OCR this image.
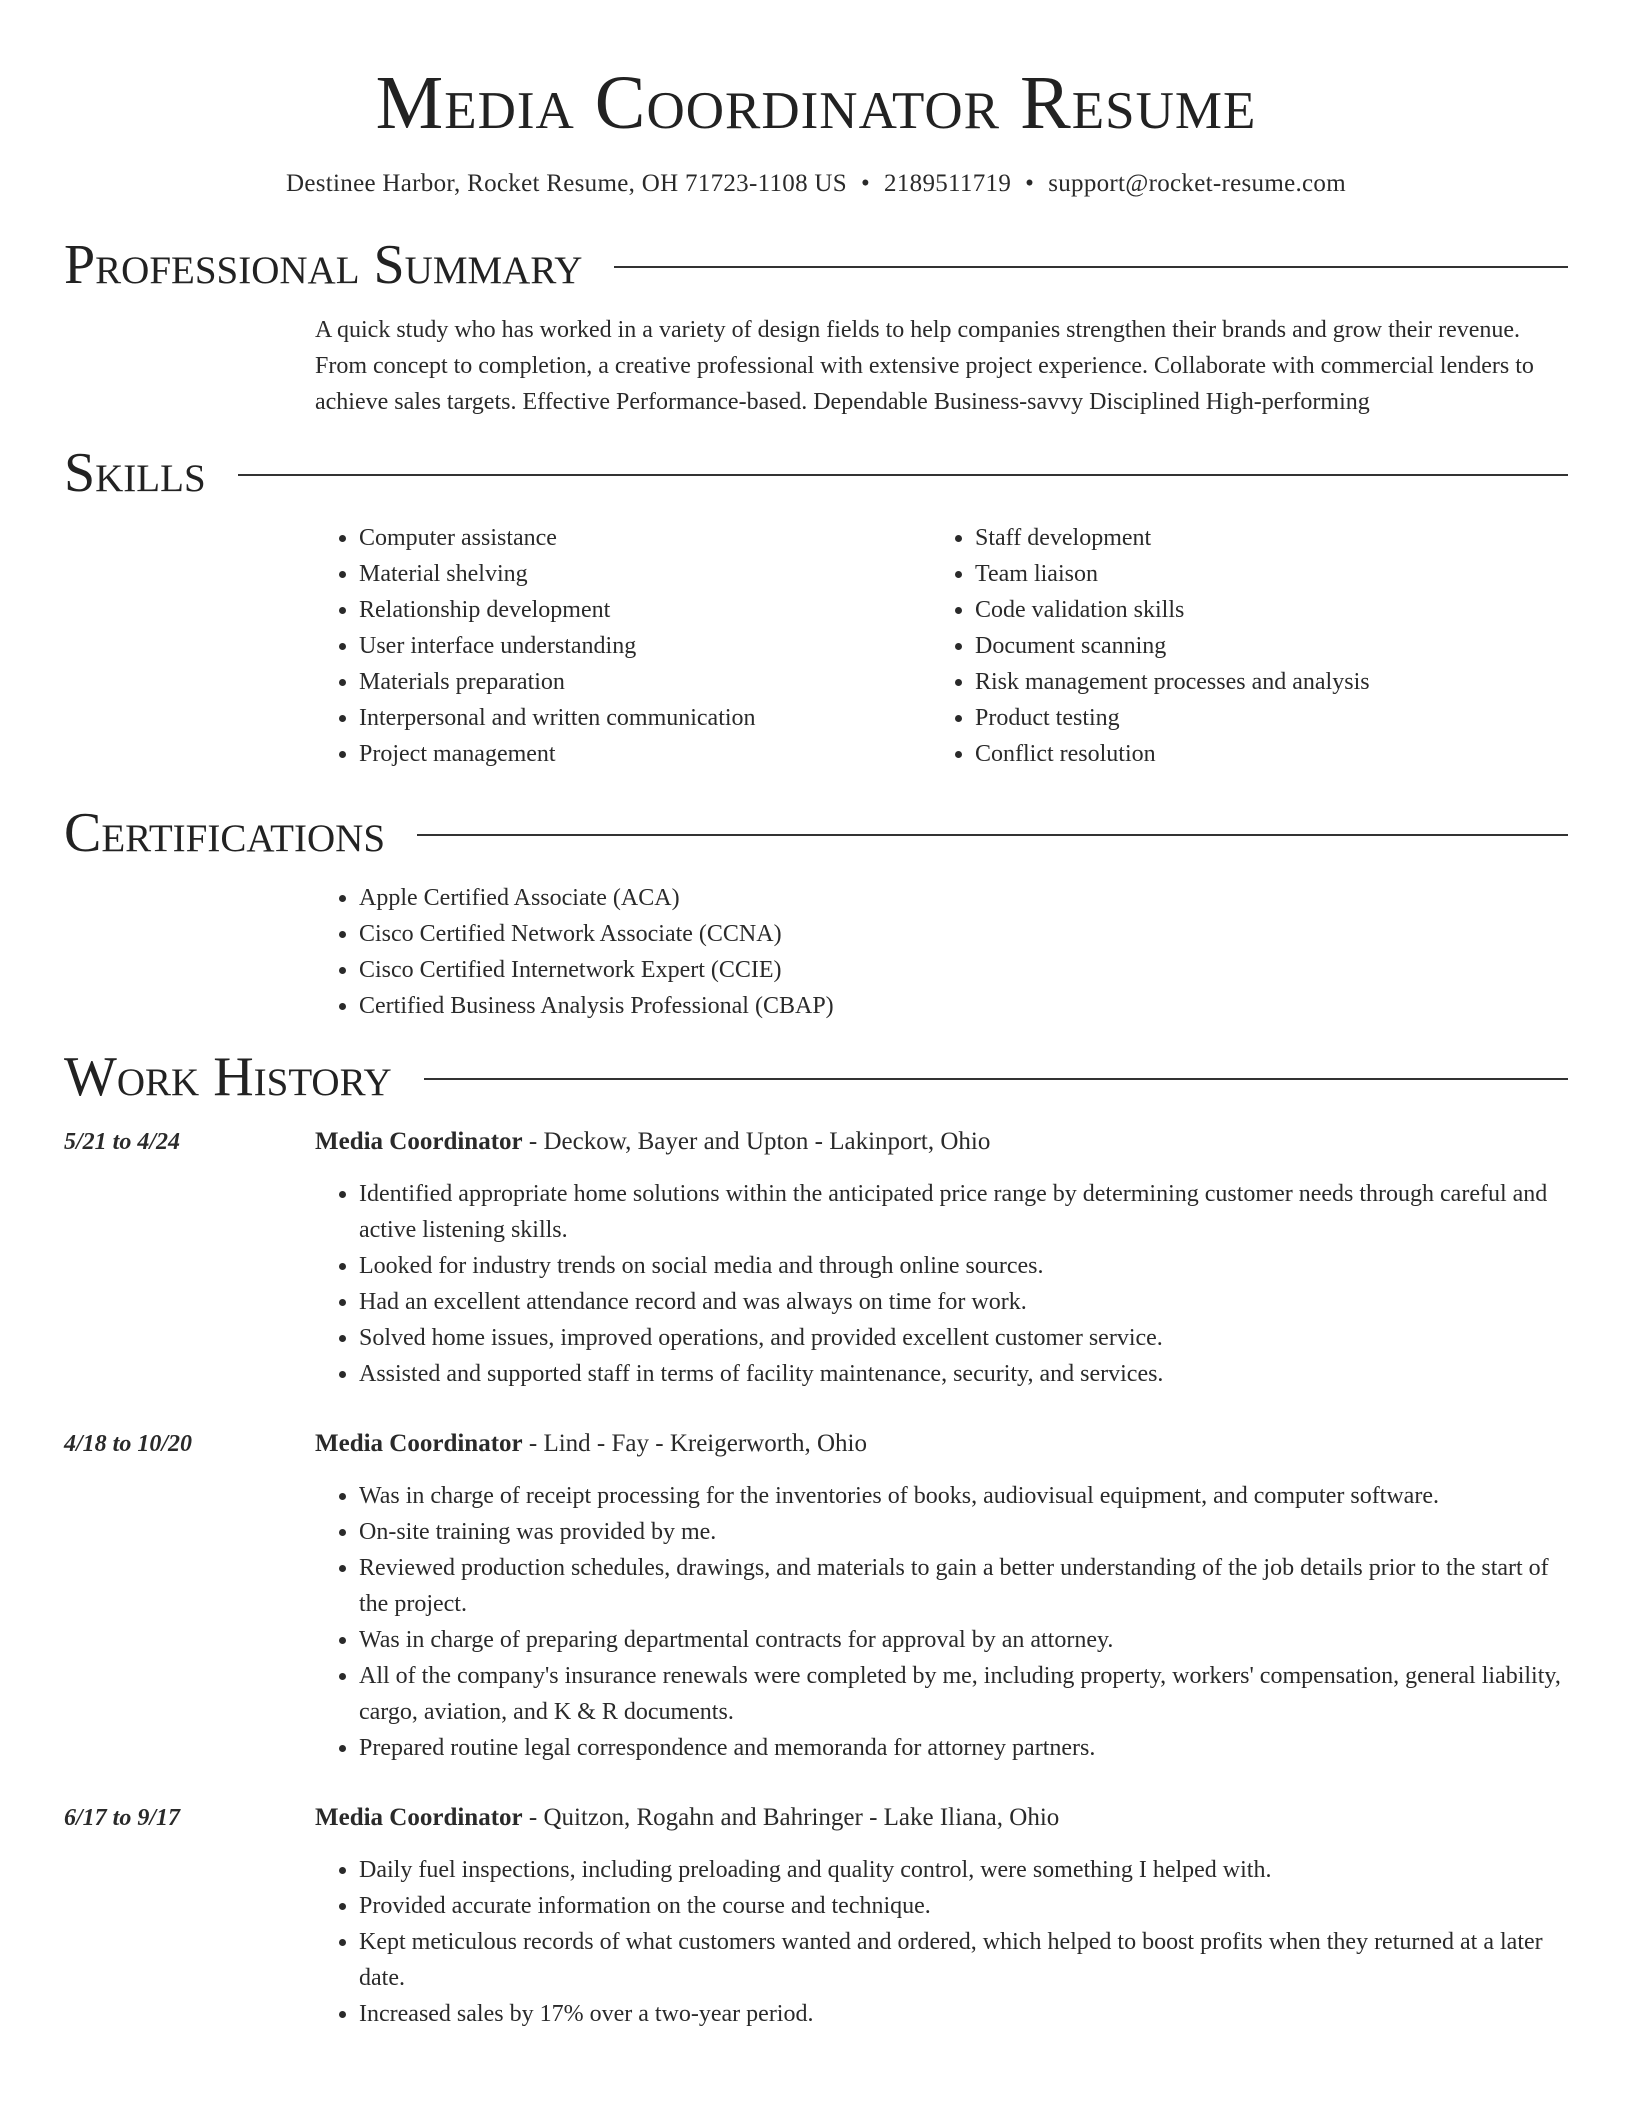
Media Coordinator Resume
Destinee Harbor, Rocket Resume, OH 71723-1108 US • 2189511719 • support@rocket-resume.com
Professional Summary
A quick study who has worked in a variety of design fields to help companies strengthen their brands and grow their revenue. From concept to completion, a creative professional with extensive project experience. Collaborate with commercial lenders to achieve sales targets. Effective Performance-based. Dependable Business-savvy Disciplined High-performing
Skills
• Computer assistance
• Material shelving
• Relationship development
• User interface understanding
• Materials preparation
• Interpersonal and written communication
• Project management
• Staff development
• Team liaison
• Code validation skills
• Document scanning
• Risk management processes and analysis
• Product testing
• Conflict resolution
Certifications
• Apple Certified Associate (ACA)
• Cisco Certified Network Associate (CCNA)
• Cisco Certified Internetwork Expert (CCIE)
• Certified Business Analysis Professional (CBAP)
Work History
5/21 to 4/24	Media Coordinator - Deckow, Bayer and Upton - Lakinport, Ohio
• Identified appropriate home solutions within the anticipated price range by determining customer needs through careful and active listening skills.
• Looked for industry trends on social media and through online sources.
• Had an excellent attendance record and was always on time for work.
• Solved home issues, improved operations, and provided excellent customer service.
• Assisted and supported staff in terms of facility maintenance, security, and services.
4/18 to 10/20	Media Coordinator - Lind - Fay - Kreigerworth, Ohio
• Was in charge of receipt processing for the inventories of books, audiovisual equipment, and computer software.
• On-site training was provided by me.
• Reviewed production schedules, drawings, and materials to gain a better understanding of the job details prior to the start of the project.
• Was in charge of preparing departmental contracts for approval by an attorney.
• All of the company's insurance renewals were completed by me, including property, workers' compensation, general liability, cargo, aviation, and K & R documents.
• Prepared routine legal correspondence and memoranda for attorney partners.
6/17 to 9/17	Media Coordinator - Quitzon, Rogahn and Bahringer - Lake Iliana, Ohio
• Daily fuel inspections, including preloading and quality control, were something I helped with.
• Provided accurate information on the course and technique.
• Kept meticulous records of what customers wanted and ordered, which helped to boost profits when they returned at a later date.
• Increased sales by 17% over a two-year period.
